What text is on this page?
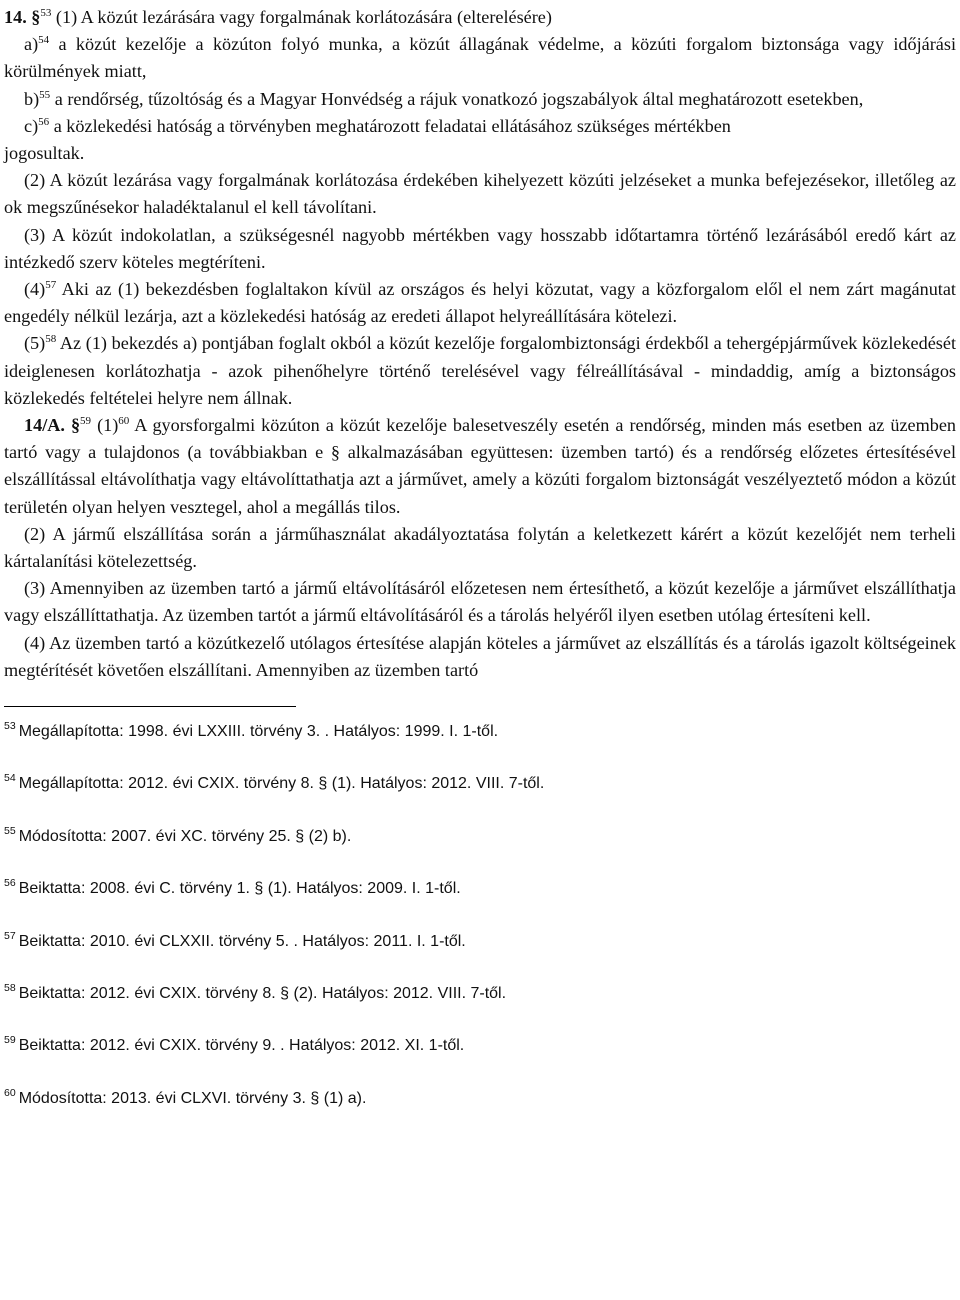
14. §$^{53}$ (1) A közút lezárására vagy forgalmának korlátozására (elterelésére)

a)$^{54}$ a közút kezelője a közúton folyó munka, a közút állagának védelme, a közúti forgalom biztonsága vagy időjárási körülmények miatt,

b)$^{55}$ a rendőrség, tűzoltóság és a Magyar Honvédség a rájuk vonatkozó jogszabályok által meghatározott esetekben,

c)$^{56}$ a közlekedési hatóság a törvényben meghatározott feladatai ellátásához szükséges mértékben

jogosultak.

(2) A közút lezárása vagy forgalmának korlátozása érdekében kihelyezett közúti jelzéseket a munka befejezésekor, illetőleg az ok megszűnésekor haladéktalanul el kell távolítani.

(3) A közút indokolatlan, a szükségesnél nagyobb mértékben vagy hosszabb időtartamra történő lezárásából eredő kárt az intézkedő szerv köteles megtéríteni.

$(4)^{57}$ Aki az (1) bekezdésben foglaltakon kívül az országos és helyi közutat, vagy a közforgalom elől el nem zárt magánutat engedély nélkül lezárja, azt a közlekedési hatóság az eredeti állapot helyreállítására kötelezi.

$(5)^{58}$ Az (1) bekezdés a) pontjában foglalt okból a közút kezelője forgalombiztonsági érdekből a tehergépjárművek közlekedését ideiglenesen korlátozhatja - azok pihenőhelyre történő terelésével vagy félreállításával - mindaddig, amíg a biztonságos közlekedés feltételei helyre nem állnak.

14/A. §$^{59}$ $(1)^{60}$ A gyorsforgalmi közúton a közút kezelője balesetveszély esetén a rendőrség, minden más esetben az üzemben tartó vagy a tulajdonos (a továbbiakban e § alkalmazásában együttesen: üzemben tartó) és a rendőrség előzetes értesítésével elszállítással eltávolíthatja vagy eltávolíttathatja azt a járművet, amely a közúti forgalom biztonságát veszélyeztető módon a közút területén olyan helyen vesztegel, ahol a megállás tilos.

(2) A jármű elszállítása során a járműhasználat akadályoztatása folytán a keletkezett kárért a közút kezelőjét nem terheli kártalanítási kötelezettség.

(3) Amennyiben az üzemben tartó a jármű eltávolításáról előzetesen nem értesíthető, a közút kezelője a járművet elszállíthatja vagy elszállíttathatja. Az üzemben tartót a jármű eltávolításáról és a tárolás helyéről ilyen esetben utólag értesíteni kell.

(4) Az üzemben tartó a közútkezelő utólagos értesítése alapján köteles a járművet az elszállítás és a tárolás igazolt költségeinek megtérítését követően elszállítani. Amennyiben az üzemben tartó

$^{53}$ Megállapította: 1998. évi LXXIII. törvény 3. . Hatályos: 1999. I. 1-től.
$^{54}$ Megállapította: 2012. évi CXIX. törvény 8. § (1). Hatályos: 2012. VIII. 7-től.
$^{55}$ Módosította: 2007. évi XC. törvény 25. § (2) b).
$^{56}$ Beiktatta: 2008. évi C. törvény 1. § (1). Hatályos: 2009. I. 1-től.
$^{57}$ Beiktatta: 2010. évi CLXXII. törvény 5. . Hatályos: 2011. I. 1-től.
$^{58}$ Beiktatta: 2012. évi CXIX. törvény 8. § (2). Hatályos: 2012. VIII. 7-től.
$^{59}$ Beiktatta: 2012. évi CXIX. törvény 9. . Hatályos: 2012. XI. 1-től.
$^{60}$ Módosította: 2013. évi CLXVI. törvény 3. § (1) a).
